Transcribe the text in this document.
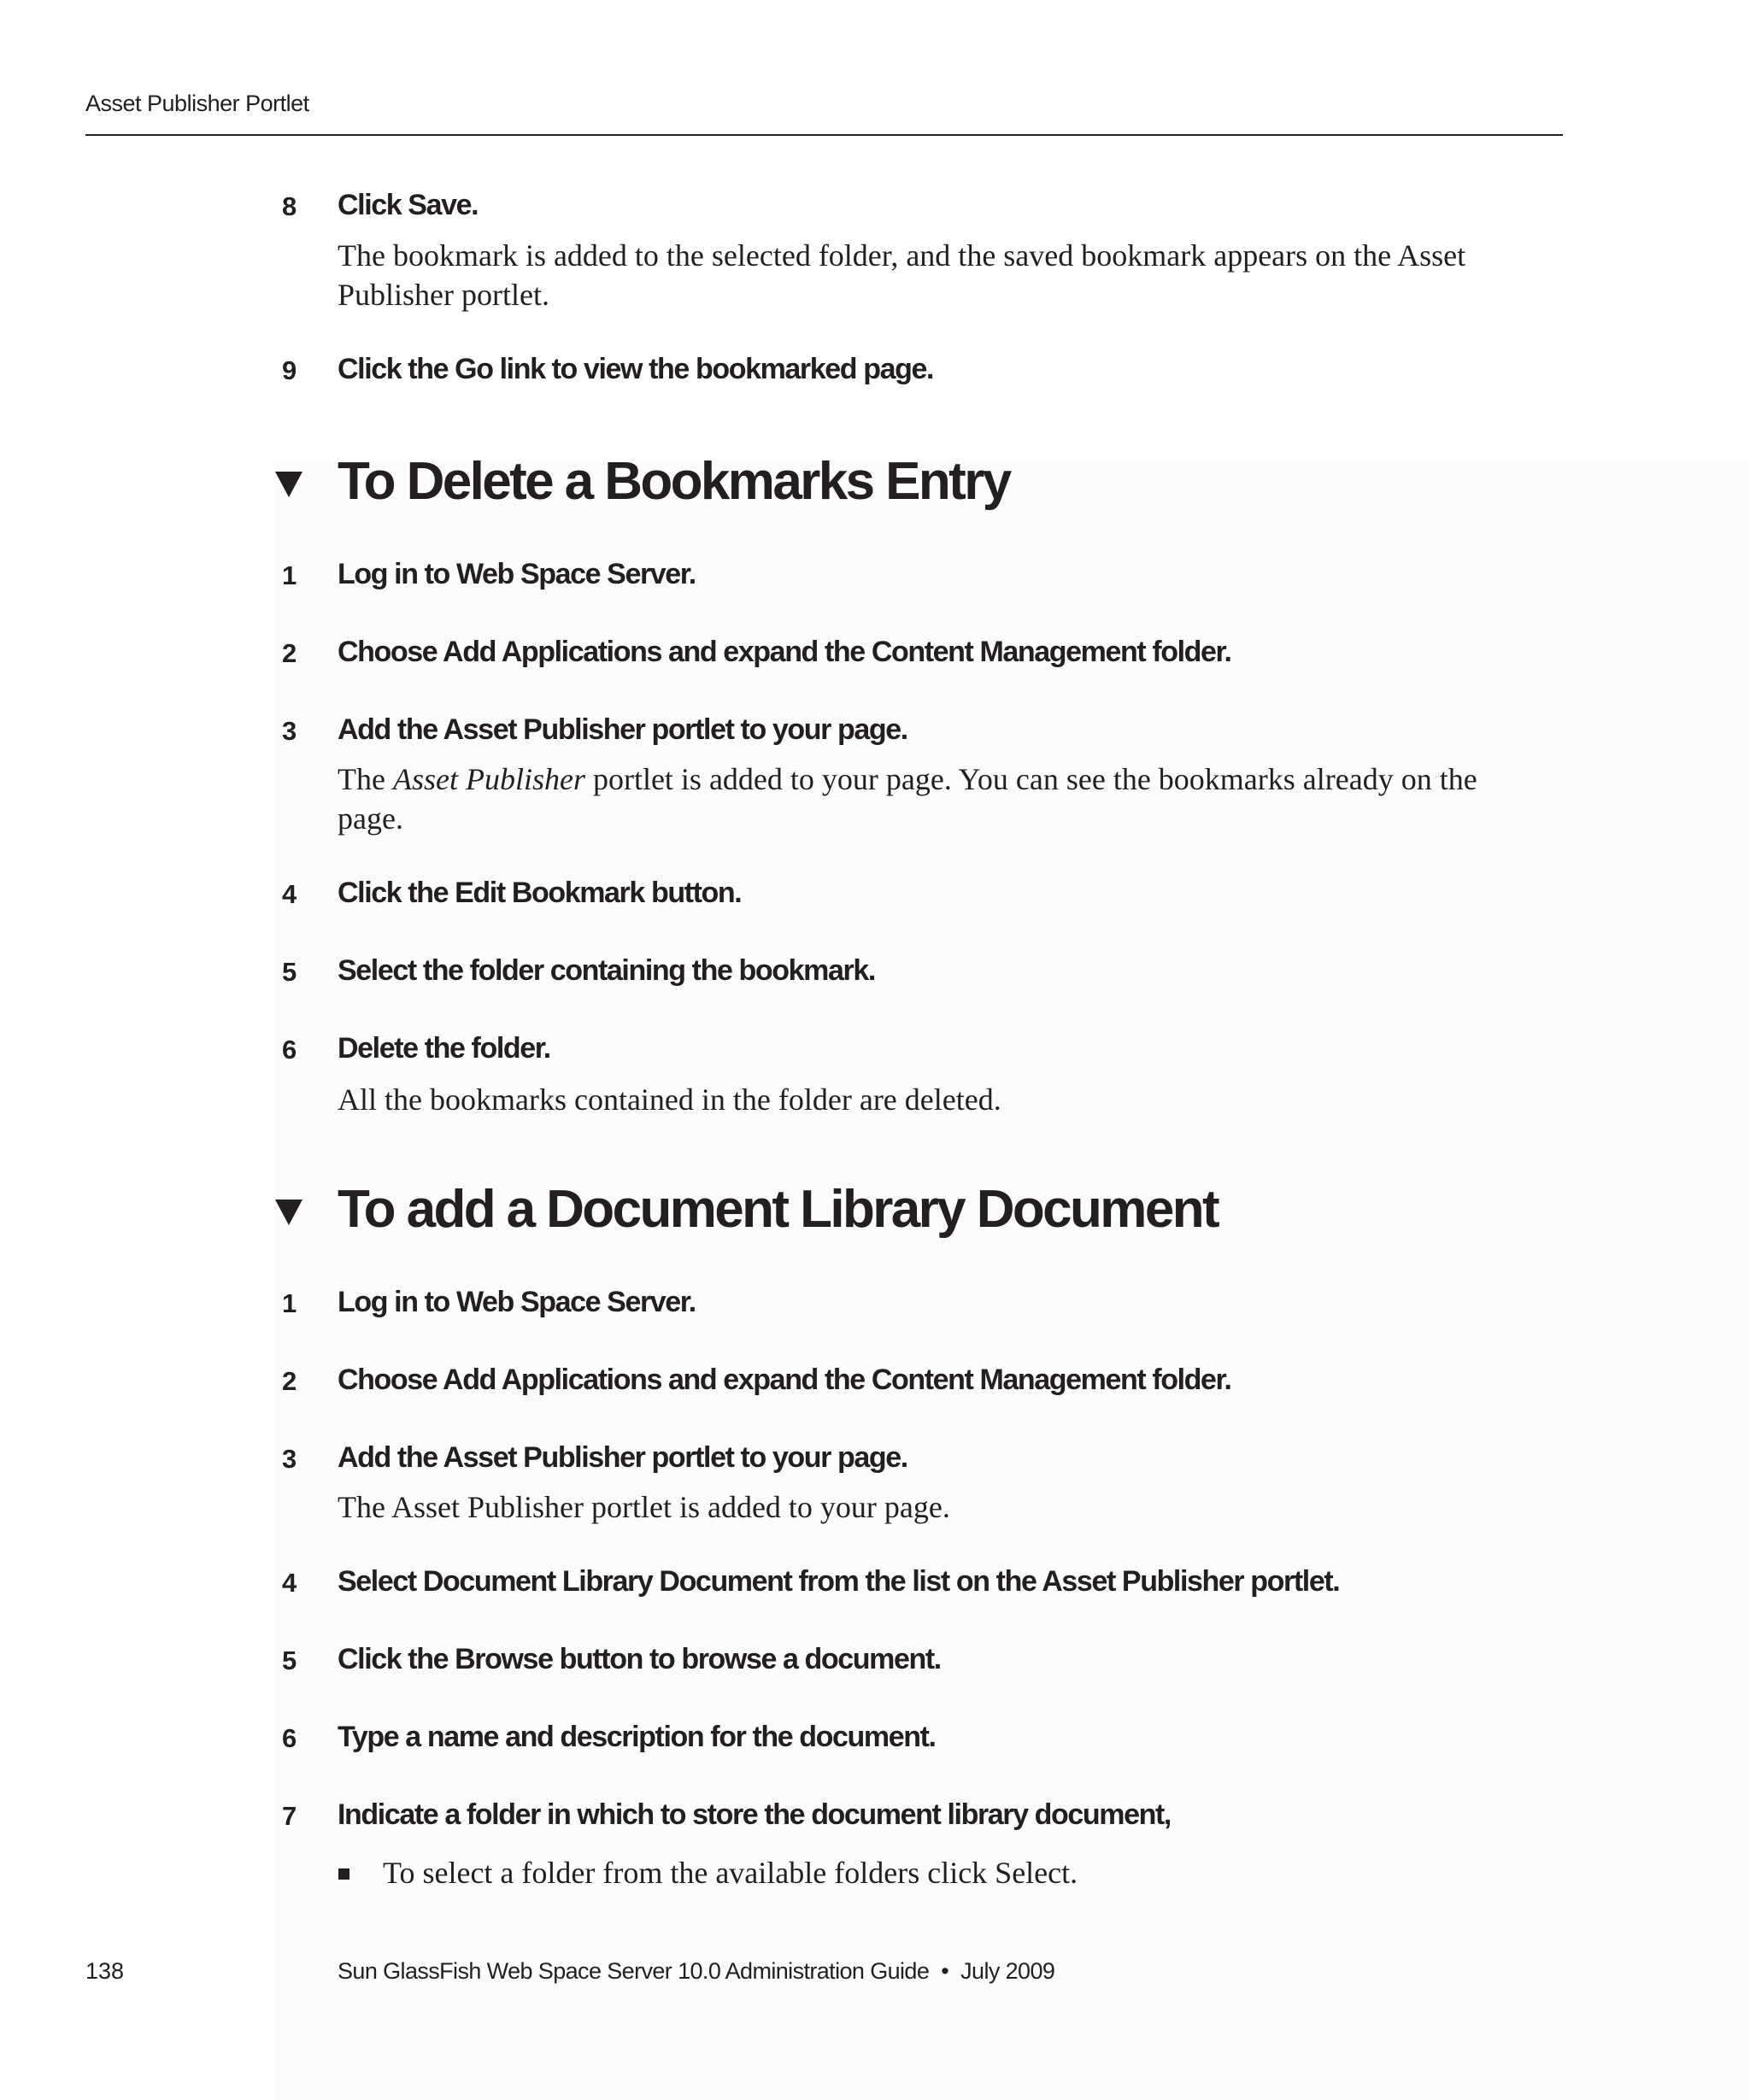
Asset Publisher Portlet
8	Click Save.
The bookmark is added to the selected folder, and the saved bookmark appears on the Asset Publisher portlet.
9	Click the Go link to view the bookmarked page.
To Delete a Bookmarks Entry
1	Log in to Web Space Server.
2	Choose Add Applications and expand the Content Management folder.
3	Add the Asset Publisher portlet to your page.
The Asset Publisher portlet is added to your page. You can see the bookmarks already on the page.
4	Click the Edit Bookmark button.
5	Select the folder containing the bookmark.
6	Delete the folder.
All the bookmarks contained in the folder are deleted.
To add a Document Library Document
1	Log in to Web Space Server.
2	Choose Add Applications and expand the Content Management folder.
3	Add the Asset Publisher portlet to your page.
The Asset Publisher portlet is added to your page.
4	Select Document Library Document from the list on the Asset Publisher portlet.
5	Click the Browse button to browse a document.
6	Type a name and description for the document.
7	Indicate a folder in which to store the document library document,
To select a folder from the available folders click Select.
138	Sun GlassFish Web Space Server 10.0 Administration Guide • July 2009
